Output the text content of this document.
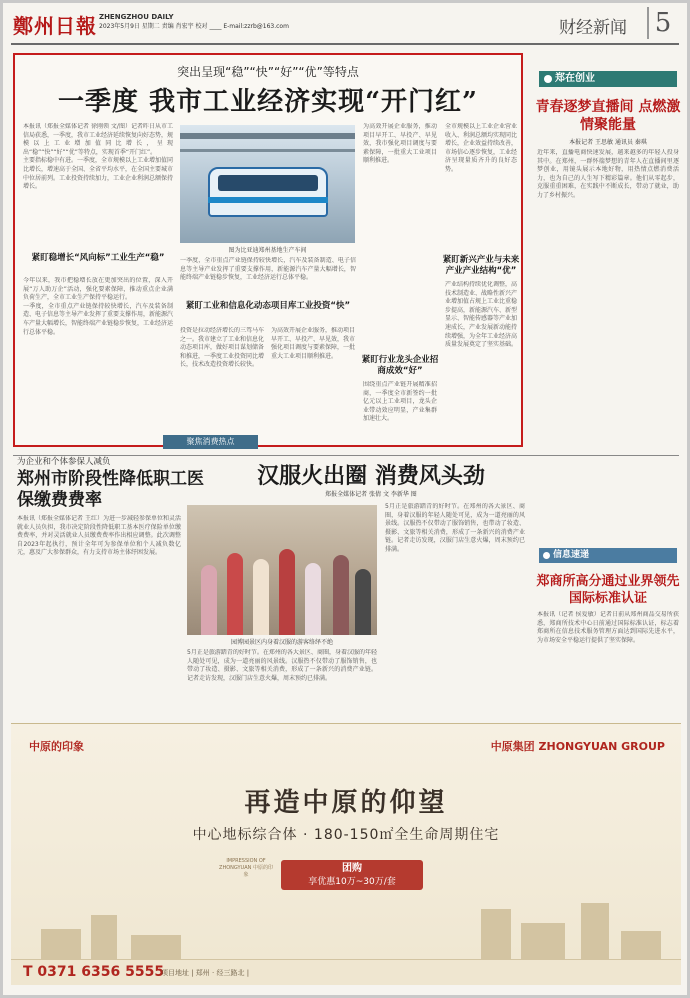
鄭州日報 ZHENGZHOU DAILY
2023年5月9日 星期二 责编 肖宏宇 校对 ____ E-mail:zzrb@163.com	财经新闻 5
突出呈现“稳”“快”“好”“优”等特点
一季度 我市工业经济实现“开门红”
本报讯（郑报全媒体记者 徐刚领 文/图）记者昨日从市工信局获悉，一季度，我市工业经济延续恢复向好态势，规模以上工业增加值同比增长，呈现出“稳”“快”“好”“优”等特点，实现首季“开门红”。
主要指标稳中有进。一季度，全市规模以上工业增加值同比增长，增速高于全国、全省平均水平，在全国主要城市中位居前列。工业投资持续加力，工业企业利润总额保持增长。
图为比亚迪郑州基地生产车间
紧盯稳增长“风向标”工业生产“稳”
今年以来，我市把稳增长放在更加突出的位置，深入开展“万人助万企”活动，强化要素保障，推动重点企业满负荷生产，全市工业生产保持平稳运行。
一季度，全市重点产业链保持较快增长，汽车及装备制造、电子信息等主导产业发挥了重要支撑作用，新能源汽车产量大幅增长，智能终端产业链稳步恢复，工业经济运行总体平稳。
一季度，全市重点产业链保持较快增长，汽车及装备制造、电子信息等主导产业发挥了重要支撑作用，新能源汽车产量大幅增长，智能终端产业链稳步恢复，工业经济运行总体平稳。
紧盯工业和信息化动态项目库工业投资“快”
投资是拉动经济增长的三驾马车之一。我市建立了工业和信息化动态项目库，做好项目谋划储备和推进，一季度工业投资同比增长，技术改造投资增长较快。
为高效开展企业服务，推动项目早开工、早投产、早见效，我市强化项目调度与要素保障，一批重大工业项目顺利推进。
为高效开展企业服务，推动项目早开工、早投产、早见效，我市强化项目调度与要素保障，一批重大工业项目顺利推进。
紧盯行业龙头企业招商成效“好”
围绕重点产业链开展精准招商，一季度全市新签约一批亿元以上工业项目，龙头企业带动效应明显，产业集群加速壮大。
全市规模以上工业企业营业收入、利润总额均实现同比增长，企业效益持续改善，市场信心逐步恢复，工业经济呈现量质齐升的良好态势。
紧盯新兴产业与未来产业产业结构“优”
产业结构持续优化调整，高技术制造业、战略性新兴产业增加值占规上工业比重稳步提高，新能源汽车、新型显示、智能传感器等产业加速成长，产业发展新动能持续增强，为全年工业经济高质量发展奠定了坚实基础。
郑在创业
青春逐梦直播间 点燃激情聚能量
本报记者 王思敏 通讯员 秦琪
近年来，直播电商快速发展，越来越多的年轻人投身其中。在郑州，一群怀揣梦想的青年人在直播间里逐梦创业，用镜头展示本地好物，用热情点燃消费活力，也为自己的人生写下精彩篇章。他们从零起步，克服重重困难，在实践中不断成长，带动了就业，助力了乡村振兴。
为企业和个体参保人减负
郑州市阶段性降低职工医保缴费费率
本报讯（郑报全媒体记者 王红）为进一步减轻参保单位和灵活就业人员负担，我市决定阶段性降低职工基本医疗保险单位缴费费率，并对灵活就业人员缴费费率作出相应调整。此次调整自2023年起执行，预计全年可为参保单位和个人减负数亿元，惠及广大参保群众，有力支持市场主体纾困发展。
聚焦消费热点
汉服火出圈 消费风头劲
郑报全媒体记者 张倩 文 李新华 图
园博园景区内身着汉服的游客络绎不绝
5月正是旅游踏青的好时节。在郑州的各大景区、商圈，身着汉服的年轻人随处可见，成为一道亮丽的风景线。汉服热不仅带动了服饰销售，也带动了妆造、摄影、文旅等相关消费，形成了一条新兴的消费产业链。记者走访发现，汉服门店生意火爆，周末预约已排满。
5月正是旅游踏青的好时节。在郑州的各大景区、商圈，身着汉服的年轻人随处可见，成为一道亮丽的风景线。汉服热不仅带动了服饰销售，也带动了妆造、摄影、文旅等相关消费，形成了一条新兴的消费产业链。记者走访发现，汉服门店生意火爆，周末预约已排满。
信息速递
郑商所高分通过业界领先国际标准认证
本报讯（记者 侯爱敏）记者日前从郑州商品交易所获悉，郑商所技术中心日前通过国际标准认证，标志着郑商所在信息技术服务管理方面达到国际先进水平，为市场安全平稳运行提供了坚实保障。
中原的印象	中原集团 ZHONGYUAN GROUP
再造中原的仰望
中心地标综合体 · 180-150㎡全生命周期住宅
IMPRESSION OF ZHONGYUAN 中原的印象
团购
享优惠10万~30万/套
T 0371 6356 5555
项目地址 | 郑州 · 经三路北 |
